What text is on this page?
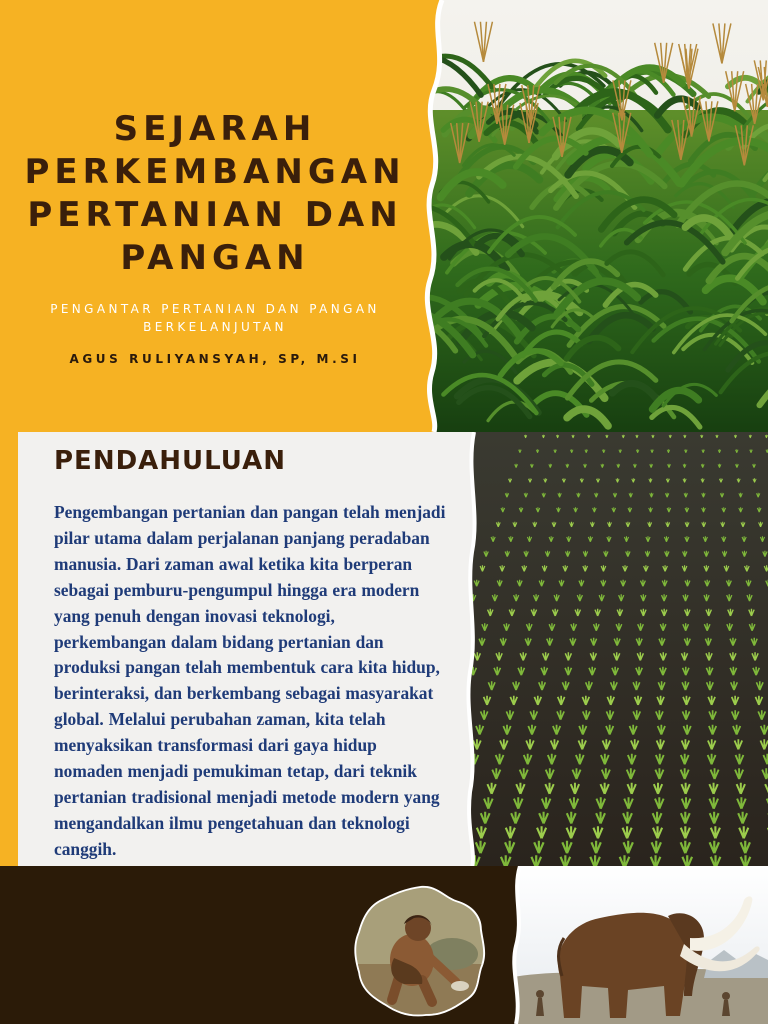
SEJARAH
PERKEMBANGAN
PERTANIAN DAN
PANGAN

PENGANTAR PERTANIAN DAN PANGAN
BERKELANJUTAN

AGUS RULIYANSYAH, SP, M.SI

PENDAHULUAN

Pengembangan pertanian dan pangan telah menjadi pilar utama dalam perjalanan panjang peradaban manusia. Dari zaman awal ketika kita berperan sebagai pemburu-pengumpul hingga era modern yang penuh dengan inovasi teknologi, perkembangan dalam bidang pertanian dan produksi pangan telah membentuk cara kita hidup, berinteraksi, dan berkembang sebagai masyarakat global. Melalui perubahan zaman, kita telah menyaksikan transformasi dari gaya hidup nomaden menjadi pemukiman tetap, dari teknik pertanian tradisional menjadi metode modern yang mengandalkan ilmu pengetahuan dan teknologi canggih.
